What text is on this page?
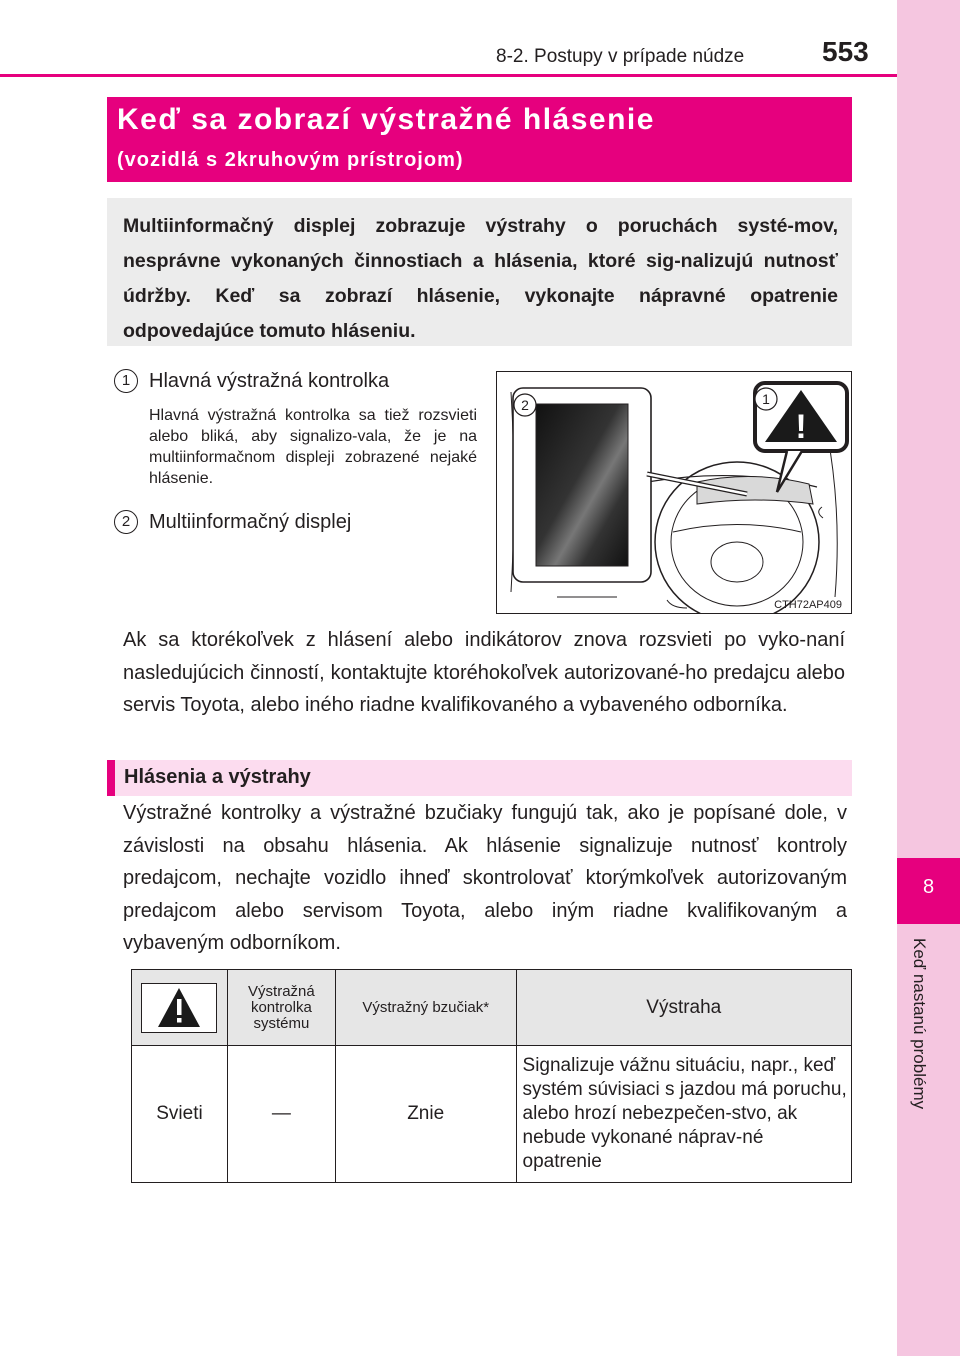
8
Keď nastanú problémy
8-2. Postupy v prípade núdze	553
Keď sa zobrazí výstražné hlásenie
(vozidlá s 2kruhovým prístrojom)
Multiinformačný displej zobrazuje výstrahy o poruchách systé-mov, nesprávne vykonaných činnostiach a hlásenia, ktoré sig-nalizujú nutnosť údržby. Keď sa zobrazí hlásenie, vykonajte nápravné opatrenie odpovedajúce tomuto hláseniu.
1 Hlavná výstražná kontrolka
Hlavná výstražná kontrolka sa tiež rozsvieti alebo bliká, aby signalizo-vala, že je na multiinformačnom displeji zobrazené nejaké hlásenie.
2 Multiinformačný displej
!
1
2
CTH72AP409
Ak sa ktorékoľvek z hlásení alebo indikátorov znova rozsvieti po vyko-naní nasledujúcich činností, kontaktujte ktoréhokoľvek autorizované-ho predajcu alebo servis Toyota, alebo iného riadne kvalifikovaného a vybaveného odborníka.
Hlásenia a výstrahy
Výstražné kontrolky a výstražné bzučiaky fungujú tak, ako je popísané dole, v závislosti na obsahu hlásenia. Ak hlásenie signalizuje nutnosť kontroly predajcom, nechajte vozidlo ihneď skontrolovať ktorýmkoľvek autorizovaným predajcom alebo servisom Toyota, alebo iným riadne kvalifikovaným a vybaveným odborníkom.
	Výstražná kontrolka systému	Výstražný bzučiak*	Výstraha
Svieti	—	Znie	Signalizuje vážnu situáciu, napr., keď systém súvisiaci s jazdou má poruchu, alebo hrozí nebezpečen-stvo, ak nebude vykonané náprav-né opatrenie
